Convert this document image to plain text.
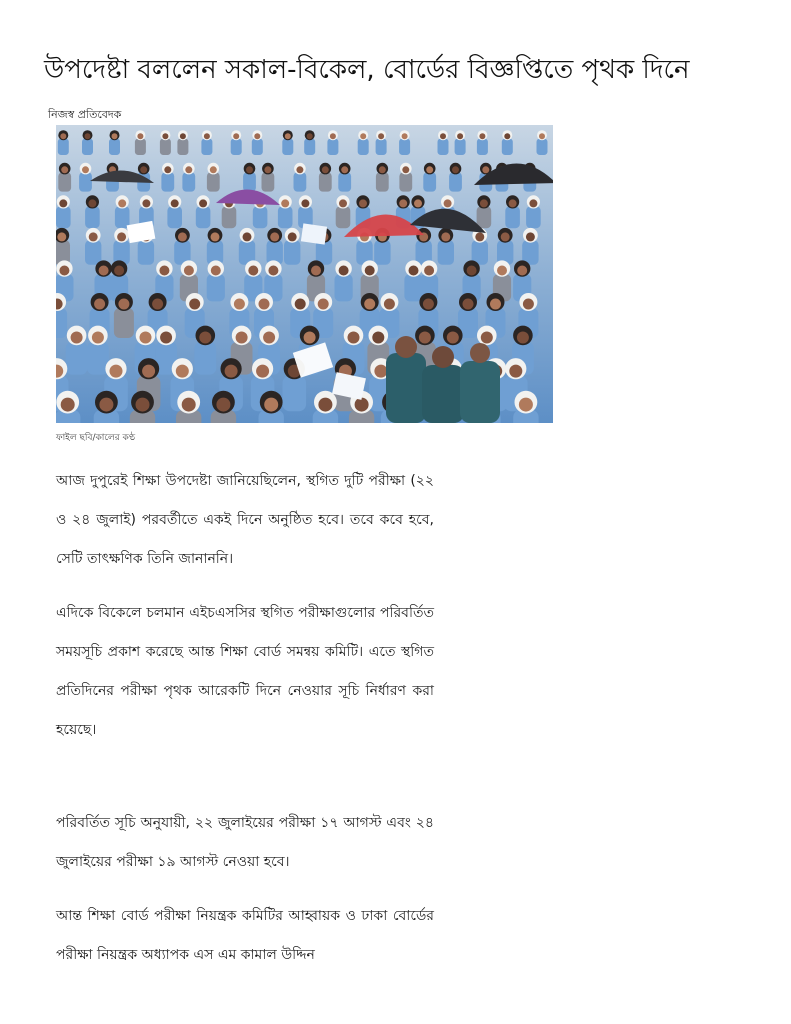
উপদেষ্টা বললেন সকাল-বিকেল, বোর্ডের বিজ্ঞপ্তিতে পৃথক দিনে
নিজস্ব প্রতিবেদক
ফাইল ছবি/কালের কণ্ঠ

আজ দুপুরেই শিক্ষা উপদেষ্টা জানিয়েছিলেন, স্থগিত দুটি পরীক্ষা (২২ ও ২৪ জুলাই) পরবর্তীতে একই দিনে অনুষ্ঠিত হবে। তবে কবে হবে, সেটি তাৎক্ষণিক তিনি জানাননি।

এদিকে বিকেলে চলমান এইচএসসির স্থগিত পরীক্ষাগুলোর পরিবর্তিত সময়সূচি প্রকাশ করেছে আন্ত শিক্ষা বোর্ড সমন্বয় কমিটি। এতে স্থগিত প্রতিদিনের পরীক্ষা পৃথক আরেকটি দিনে নেওয়ার সূচি নির্ধারণ করা হয়েছে।

পরিবর্তিত সূচি অনুযায়ী, ২২ জুলাইয়ের পরীক্ষা ১৭ আগস্ট এবং ২৪ জুলাইয়ের পরীক্ষা ১৯ আগস্ট নেওয়া হবে।

আন্ত শিক্ষা বোর্ড পরীক্ষা নিয়ন্ত্রক কমিটির আহ্বায়ক ও ঢাকা বোর্ডের পরীক্ষা নিয়ন্ত্রক অধ্যাপক এস এম কামাল উদ্দিন
